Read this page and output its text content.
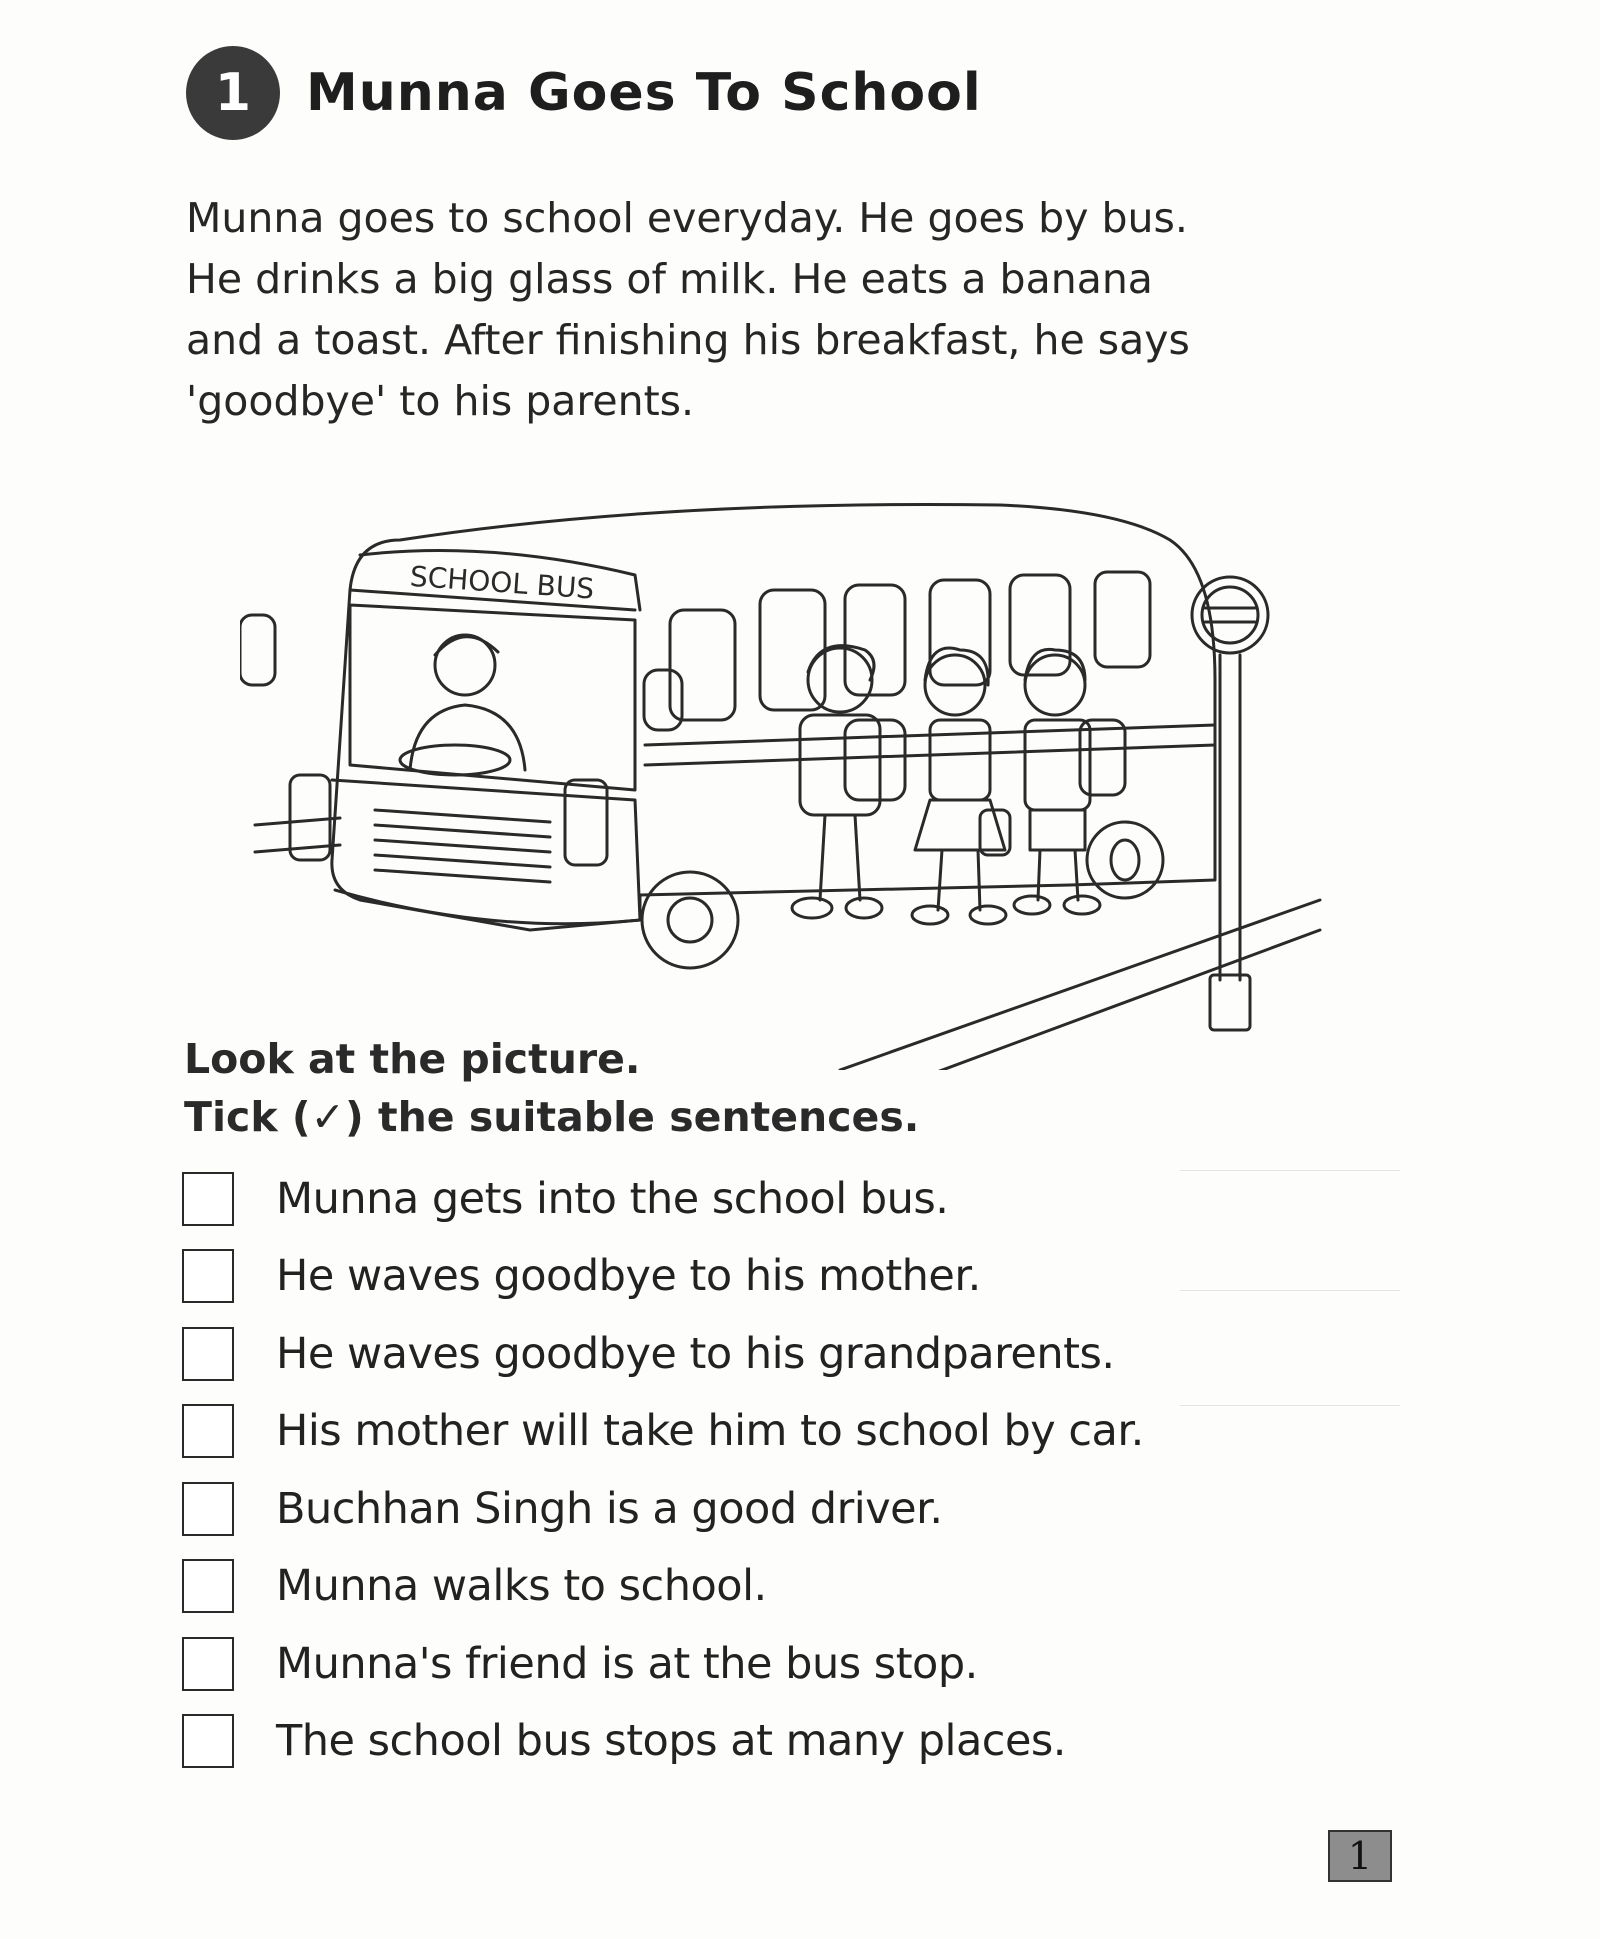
1	Munna Goes To School
Munna goes to school everyday. He goes by bus.
He drinks a big glass of milk. He eats a banana
and a toast. After finishing his breakfast, he says
'goodbye' to his parents.
SCHOOL BUS
Look at the picture.
Tick (✓) the suitable sentences.
Munna gets into the school bus.
He waves goodbye to his mother.
He waves goodbye to his grandparents.
His mother will take him to school by car.
Buchhan Singh is a good driver.
Munna walks to school.
Munna's friend is at the bus stop.
The school bus stops at many places.
1
